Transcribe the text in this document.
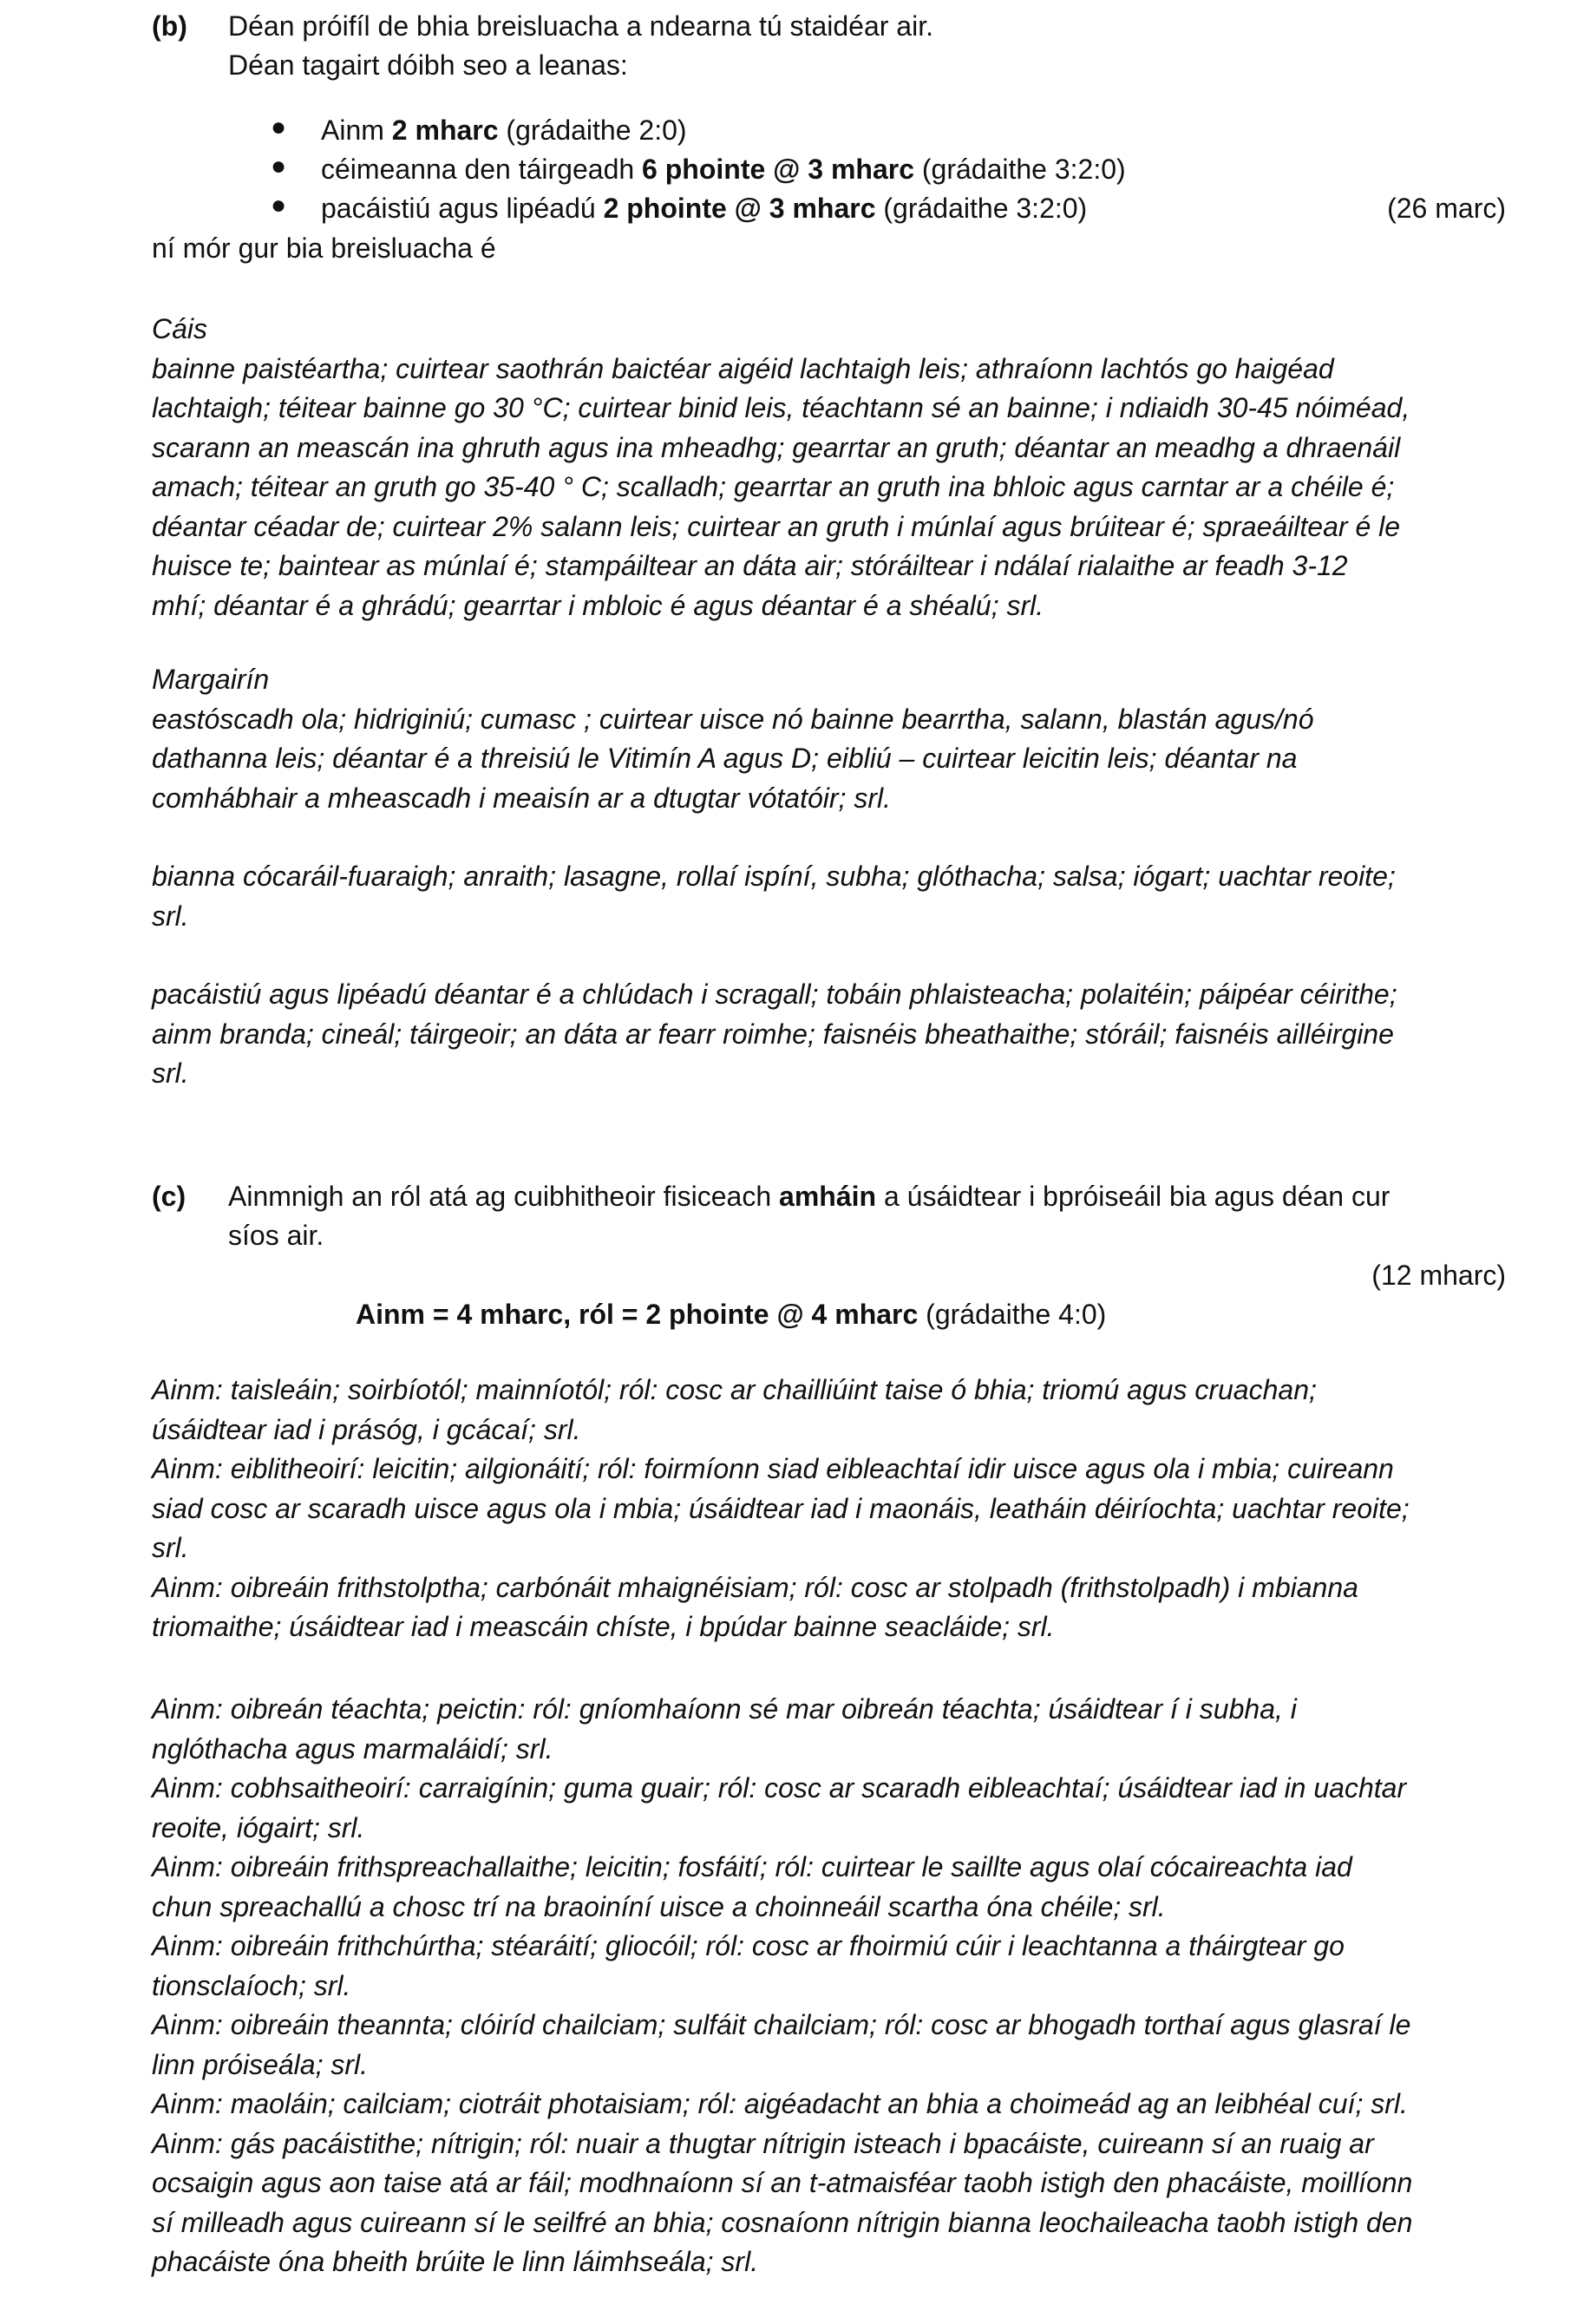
(b) Déan próifíl de bhia breisluacha a ndearna tú staidéar air.
Déan tagairt dóibh seo a leanas:
● Ainm 2 mharc (grádaithe 2:0)
● céimeanna den táirgeadh 6 phointe @ 3 mharc (grádaithe 3:2:0)
● pacáistiú agus lipéadú 2 phointe @ 3 mharc (grádaithe 3:2:0)	(26 marc)
ní mór gur bia breisluacha é
Cáis
bainne paistéartha; cuirtear saothrán baictéar aigéid lachtaigh leis; athraíonn lachtós go haigéad
lachtaigh; téitear bainne go 30 °C; cuirtear binid leis, téachtann sé an bainne; i ndiaidh 30-45 nóiméad,
scarann an meascán ina ghruth agus ina mheadhg; gearrtar an gruth; déantar an meadhg a dhraenáil
amach; téitear an gruth go 35-40 ° C; scalladh; gearrtar an gruth ina bhloic agus carntar ar a chéile é;
déantar céadar de; cuirtear 2% salann leis; cuirtear an gruth i múnlaí agus brúitear é; spraeáiltear é le
huisce te; baintear as múnlaí é; stampáiltear an dáta air; stóráiltear i ndálaí rialaithe ar feadh 3-12
mhí; déantar é a ghrádú; gearrtar i mbloic é agus déantar é a shéalú; srl.
Margairín
eastóscadh ola; hidriginiú; cumasc ; cuirtear uisce nó bainne bearrtha, salann, blastán agus/nó
dathanna leis; déantar é a threisiú le Vitimín A agus D; eibliú – cuirtear leicitin leis; déantar na
comhábhair a mheascadh i meaisín ar a dtugtar vótatóir; srl.
bianna cócaráil-fuaraigh; anraith; lasagne, rollaí ispíní, subha; glóthacha; salsa; iógart; uachtar reoite;
srl.
pacáistiú agus lipéadú déantar é a chlúdach i scragall; tobáin phlaisteacha; polaitéin; páipéar céirithe;
ainm branda; cineál; táirgeoir; an dáta ar fearr roimhe; faisnéis bheathaithe; stóráil; faisnéis ailléirgine
srl.
(c) Ainmnigh an ról atá ag cuibhitheoir fisiceach amháin a úsáidtear i bpróiseáil bia agus déan cur
síos air.
(12 mharc)
Ainm = 4 mharc, ról = 2 phointe @ 4 mharc (grádaithe 4:0)
Ainm: taisleáin; soirbíotól; mainníotól; ról: cosc ar chailliúint taise ó bhia; triomú agus cruachan;
úsáidtear iad i prásóg, i gcácaí; srl.
Ainm: eiblitheoirí: leicitin; ailgionáití; ról: foirmíonn siad eibleachtaí idir uisce agus ola i mbia; cuireann
siad cosc ar scaradh uisce agus ola i mbia; úsáidtear iad i maonáis, leatháin déiríochta; uachtar reoite;
srl.
Ainm: oibreáin frithstolptha; carbónáit mhaignéisiam; ról: cosc ar stolpadh (frithstolpadh) i mbianna
triomaithe; úsáidtear iad i meascáin chíste, i bpúdar bainne seacláide; srl.
Ainm: oibreán téachta; peictin: ról: gníomhaíonn sé mar oibreán téachta; úsáidtear í i subha, i
nglóthacha agus marmaláidí; srl.
Ainm: cobhsaitheoirí: carraigínin; guma guair; ról: cosc ar scaradh eibleachtaí; úsáidtear iad in uachtar
reoite, iógairt; srl.
Ainm: oibreáin frithspreachallaithe; leicitin; fosfáití; ról: cuirtear le saillte agus olaí cócaireachta iad
chun spreachallú a chosc trí na braoiníní uisce a choinneáil scartha óna chéile; srl.
Ainm: oibreáin frithchúrtha; stéaráití; gliocóil; ról: cosc ar fhoirmiú cúir i leachtanna a tháirgtear go
tionsclaíoch; srl.
Ainm: oibreáin theannta; clóiríd chailciam; sulfáit chailciam; ról: cosc ar bhogadh torthaí agus glasraí le
linn próiseála; srl.
Ainm: maoláin; cailciam; ciotráit photaisiam; ról: aigéadacht an bhia a choimeád ag an leibhéal cuí; srl.
Ainm: gás pacáistithe; nítrigin; ról: nuair a thugtar nítrigin isteach i bpacáiste, cuireann sí an ruaig ar
ocsaigin agus aon taise atá ar fáil; modhnaíonn sí an t-atmaisféar taobh istigh den phacáiste, moillíonn
sí milleadh agus cuireann sí le seilfré an bhia; cosnaíonn nítrigin bianna leochaileacha taobh istigh den
phacáiste óna bheith brúite le linn láimhseála; srl.
